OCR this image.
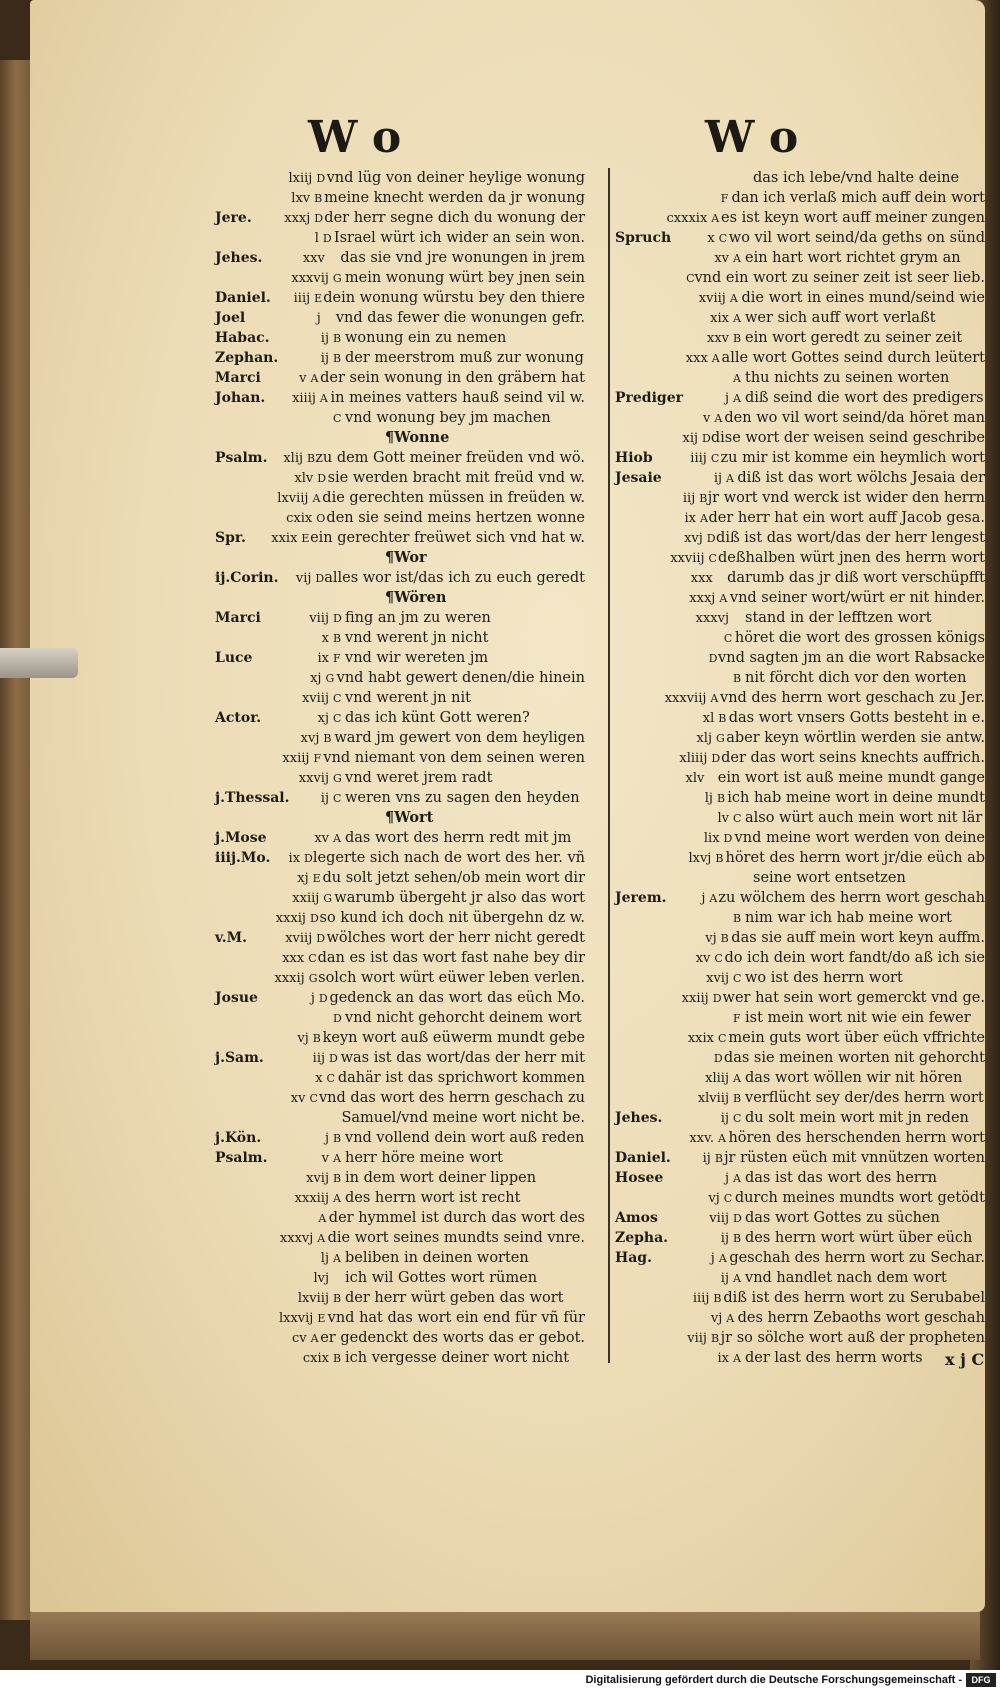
Wo	Wo
lxiij D vnd lüg von deiner heylige wonung
lxv B meine knecht werden da jr wonung
Jere.	xxxj D der herr segne dich du wonung der
l D Israel würt ich wider an sein won.
Jehes.	xxv das sie vnd jre wonungen in jrem
xxxvij G mein wonung würt bey jnen sein
Daniel.	iiij E dein wonung würstu bey den thiere
Joel	j vnd das fewer die wonungen gefr.
Habac.	ij B wonung ein zu nemen
Zephan.	ij B der meerstrom muß zur wonung
Marci	v A der sein wonung in den gräbern hat
Johan.	xiiij A in meines vatters hauß seind vil w.
C vnd wonung bey jm machen
¶Wonne
Psalm.	xlij B zu dem Gott meiner freüden vnd wö.
xlv D sie werden bracht mit freüd vnd w.
lxviij A die gerechten müssen in freüden w.
cxix O den sie seind meins hertzen wonne
Spr.	xxix E ein gerechter freüwet sich vnd hat w.
¶Wor
ij.Corin.	vij D alles wor ist/das ich zu euch geredt
¶Wören
Marci	viij D fing an jm zu weren
x B vnd werent jn nicht
Luce	ix F vnd wir wereten jm
xj G vnd habt gewert denen/die hinein
xviij C vnd werent jn nit
Actor.	xj C das ich künt Gott weren?
xvj B ward jm gewert von dem heyligen
xxiij F vnd niemant von dem seinen weren
xxvij G vnd weret jrem radt
j.Thessal.	ij C weren vns zu sagen den heyden
¶Wort
j.Mose	xv A das wort des herrn redt mit jm
iiij.Mo.	ix D legerte sich nach de wort des her. vñ
xj E du solt jetzt sehen/ob mein wort dir
xxiij G warumb übergeht jr also das wort
xxxij D so kund ich doch nit übergehn dz w.
v.M.	xviij D wölches wort der herr nicht geredt
xxx C dan es ist das wort fast nahe bey dir
xxxij G solch wort würt eüwer leben verlen.
Josue	j D gedenck an das wort das eüch Mo.
D vnd nicht gehorcht deinem wort
vj B keyn wort auß eüwerm mundt gebe
j.Sam.	iij D was ist das wort/das der herr mit
x C dahär ist das sprichwort kommen
xv C vnd das wort des herrn geschach zu
Samuel/vnd meine wort nicht be.
j.Kön.	j B vnd vollend dein wort auß reden
Psalm.	v A herr höre meine wort
xvij B in dem wort deiner lippen
xxxiij A des herrn wort ist recht
A der hymmel ist durch das wort des
xxxvj A die wort seines mundts seind vnre.
lj A beliben in deinen worten
lvj ich wil Gottes wort rümen
lxviij B der herr würt geben das wort
lxxvij E vnd hat das wort ein end für vñ für
cv A er gedenckt des worts das er gebot.
cxix B ich vergesse deiner wort nicht
das ich lebe/vnd halte deine
F dan ich verlaß mich auff dein wort
cxxxix A es ist keyn wort auff meiner zungen
Spruch	x C wo vil wort seind/da geths on sünd
xv A ein hart wort richtet grym an
C vnd ein wort zu seiner zeit ist seer lieb.
xviij A die wort in eines mund/seind wie
xix A wer sich auff wort verlaßt
xxv B ein wort geredt zu seiner zeit
xxx A alle wort Gottes seind durch leütert
A thu nichts zu seinen worten
Prediger	j A diß seind die wort des predigers
v A den wo vil wort seind/da höret man
xij D dise wort der weisen seind geschribe
Hiob	iiij C zu mir ist komme ein heymlich wort
Jesaie	ij A diß ist das wort wölchs Jesaia der
iij B jr wort vnd werck ist wider den herrn
ix A der herr hat ein wort auff Jacob gesa.
xvj D diß ist das wort/das der herr lengest
xxviij C deßhalben würt jnen des herrn wort
xxx darumb das jr diß wort verschüpfft
xxxj A vnd seiner wort/würt er nit hinder.
xxxvj stand in der lefftzen wort
C höret die wort des grossen königs
D vnd sagten jm an die wort Rabsacke
B nit förcht dich vor den worten
xxxviij A vnd des herrn wort geschach zu Jer.
xl B das wort vnsers Gotts besteht in e.
xlj G aber keyn wörtlin werden sie antw.
xliiij D der das wort seins knechts auffrich.
xlv ein wort ist auß meine mundt gange
lj B ich hab meine wort in deine mundt
lv C also würt auch mein wort nit lär
lix D vnd meine wort werden von deine
lxvj B höret des herrn wort jr/die eüch ab
seine wort entsetzen
Jerem.	j A zu wölchem des herrn wort geschah
B nim war ich hab meine wort
vj B das sie auff mein wort keyn auffm.
xv C do ich dein wort fandt/do aß ich sie
xvij C wo ist des herrn wort
xxiij D wer hat sein wort gemerckt vnd ge.
F ist mein wort nit wie ein fewer
xxix C mein guts wort über eüch vffrichte
D das sie meinen worten nit gehorcht
xliij A das wort wöllen wir nit hören
xlviij B verflücht sey der/des herrn wort
Jehes.	ij C du solt mein wort mit jn reden
xxv. A hören des herschenden herrn wort
Daniel.	ij B jr rüsten eüch mit vnnützen worten
Hosee	j A das ist das wort des herrn
vj C durch meines mundts wort getödt
Amos	viij D das wort Gottes zu süchen
Zepha.	ij B des herrn wort würt über eüch
Hag.	j A geschah des herrn wort zu Sechar.
ij A vnd handlet nach dem wort
iiij B diß ist des herrn wort zu Serubabel
vj A des herrn Zebaoths wort geschah
viij B jr so sölche wort auß der propheten
ix A der last des herrn worts	x j C
Digitalisierung gefördert durch die Deutsche Forschungsgemeinschaft -	DFG
